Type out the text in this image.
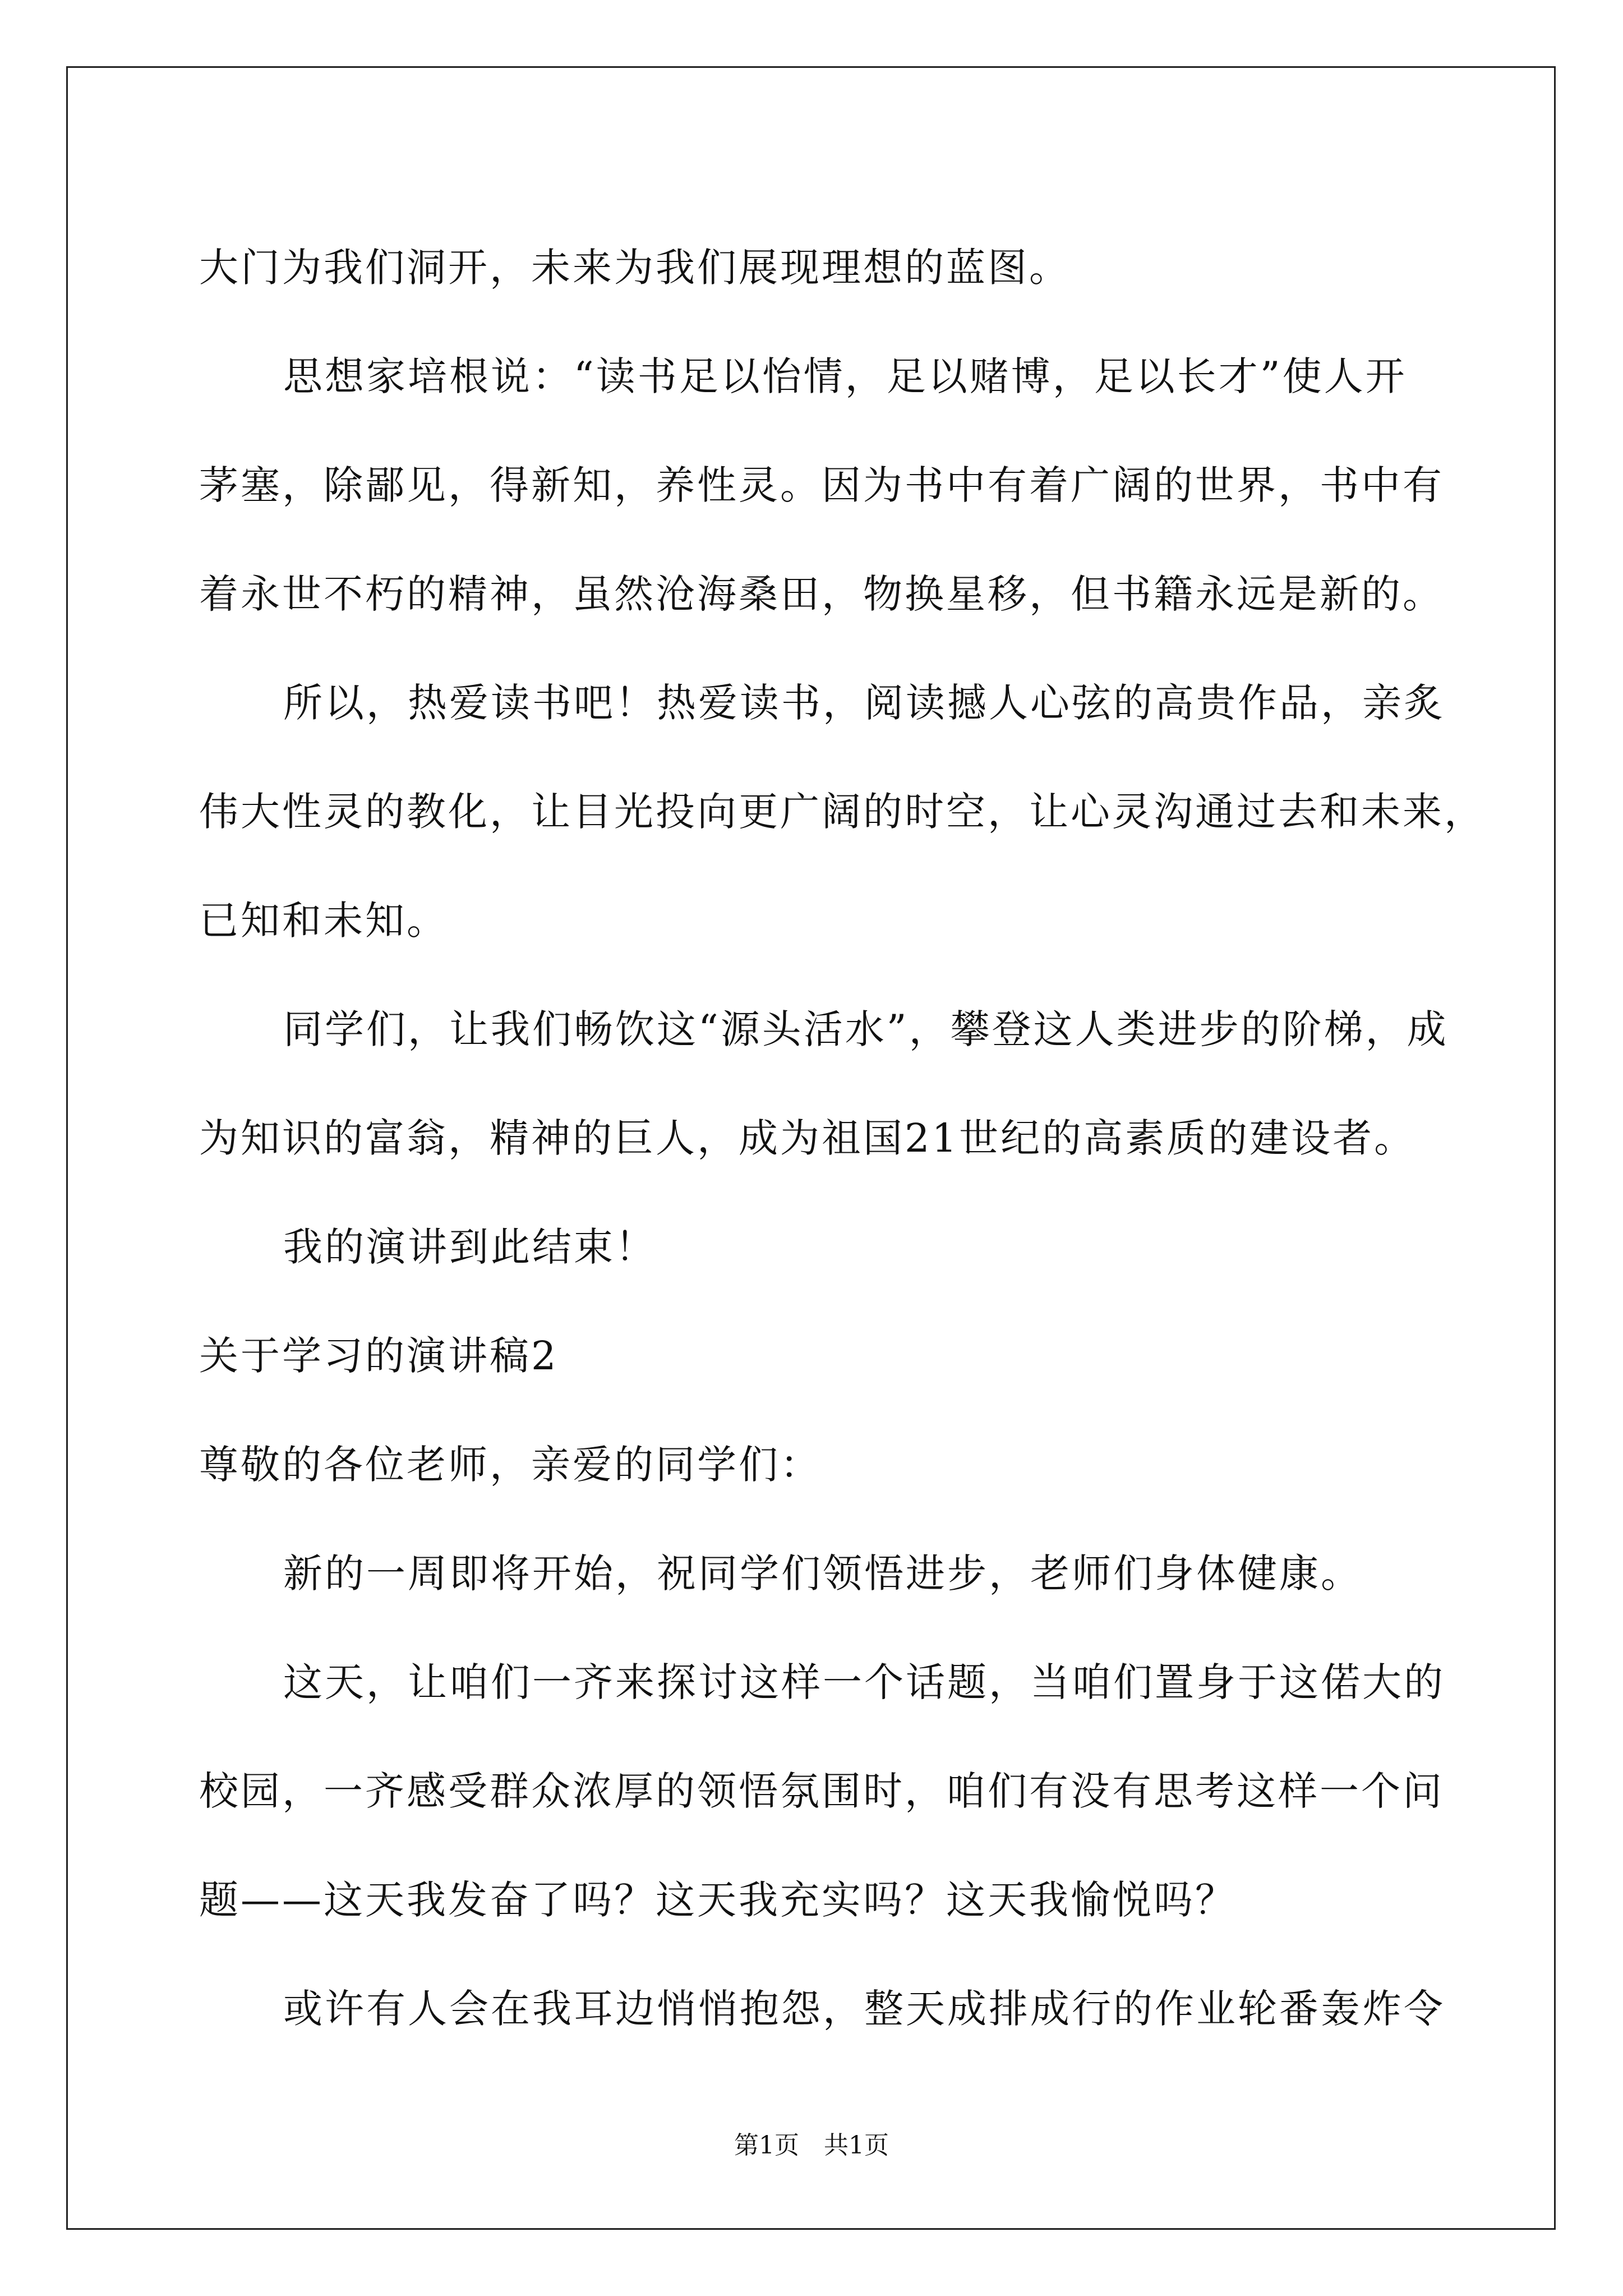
大门为我们洞开，未来为我们展现理想的蓝图。
思想家培根说：“读书足以怡情，足以赌博，足以长才”使人开
茅塞，除鄙见，得新知，养性灵。因为书中有着广阔的世界，书中有
着永世不朽的精神，虽然沧海桑田，物换星移，但书籍永远是新的。
所以，热爱读书吧！热爱读书，阅读撼人心弦的高贵作品，亲炙
伟大性灵的教化，让目光投向更广阔的时空，让心灵沟通过去和未来，
已知和未知。
同学们，让我们畅饮这“源头活水”，攀登这人类进步的阶梯，成
为知识的富翁，精神的巨人，成为祖国21世纪的高素质的建设者。
我的演讲到此结束！
关于学习的演讲稿2
尊敬的各位老师，亲爱的同学们：
新的一周即将开始，祝同学们领悟进步，老师们身体健康。
这天，让咱们一齐来探讨这样一个话题，当咱们置身于这偌大的
校园，一齐感受群众浓厚的领悟氛围时，咱们有没有思考这样一个问
题——这天我发奋了吗？这天我充实吗？这天我愉悦吗？
或许有人会在我耳边悄悄抱怨，整天成排成行的作业轮番轰炸令
第1页　共1页
